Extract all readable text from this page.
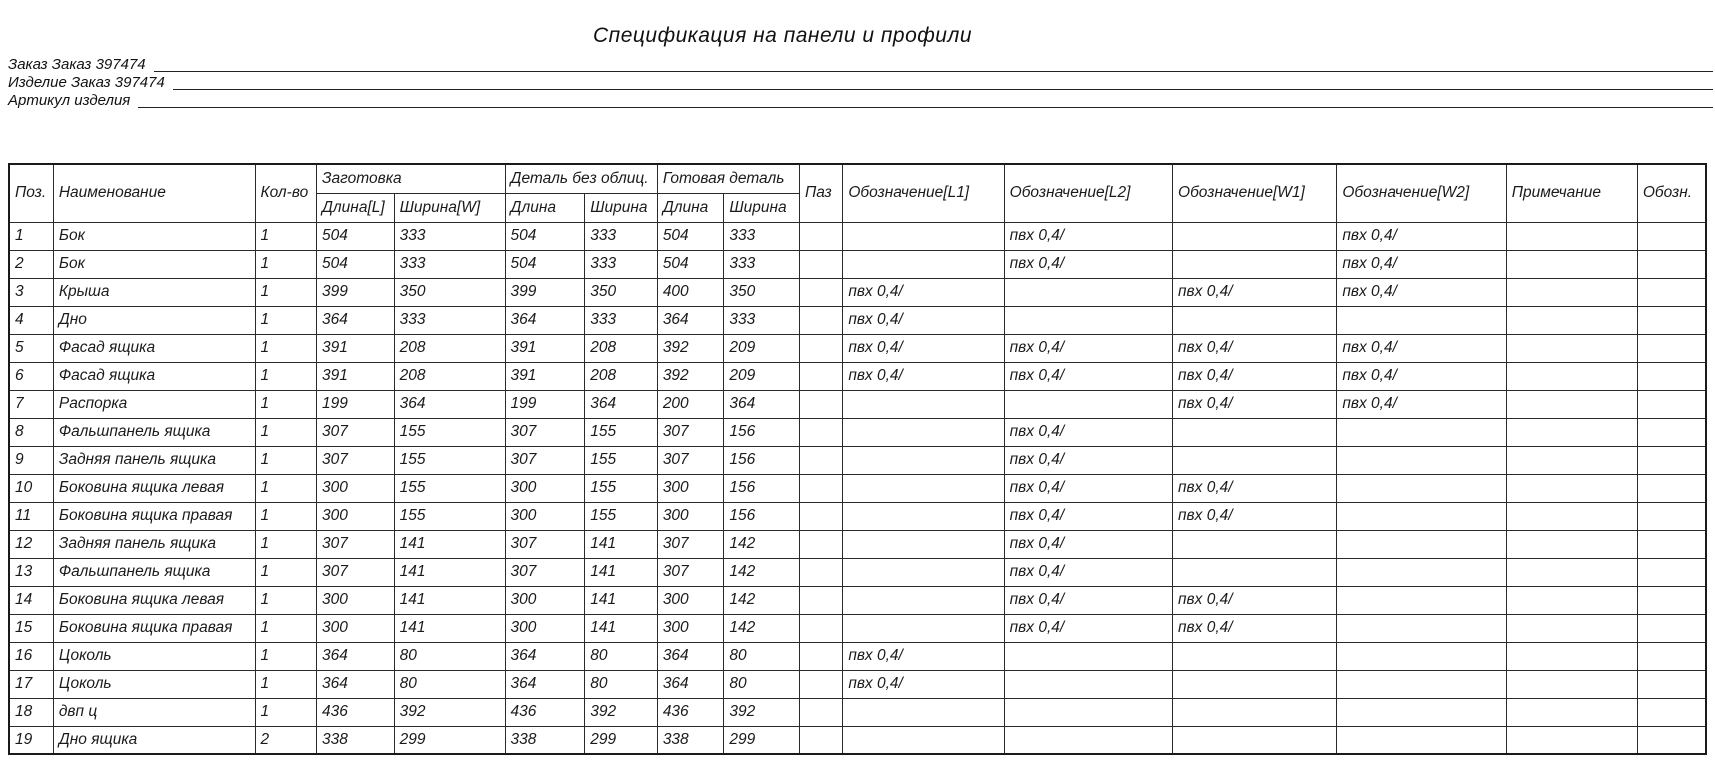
Спецификация на панели и профили
Заказ Заказ 397474
Изделие Заказ 397474
Артикул изделия
Поз.	Наименование	Кол-во	Заготовка		Деталь без облиц.		Готовая деталь		Паз	Обозначение[L1]	Обозначение[L2]	Обозначение[W1]	Обозначение[W2]	Примечание	Обозн.
			Длина[L]	Ширина[W]	Длина	Ширина	Длина	Ширина							
1	Бок	1	504	333	504	333	504	333			пвх 0,4/		пвх 0,4/		
2	Бок	1	504	333	504	333	504	333			пвх 0,4/		пвх 0,4/		
3	Крыша	1	399	350	399	350	400	350		пвх 0,4/		пвх 0,4/	пвх 0,4/		
4	Дно	1	364	333	364	333	364	333		пвх 0,4/					
5	Фасад ящика	1	391	208	391	208	392	209		пвх 0,4/	пвх 0,4/	пвх 0,4/	пвх 0,4/		
6	Фасад ящика	1	391	208	391	208	392	209		пвх 0,4/	пвх 0,4/	пвх 0,4/	пвх 0,4/		
7	Распорка	1	199	364	199	364	200	364				пвх 0,4/	пвх 0,4/		
8	Фальшпанель ящика	1	307	155	307	155	307	156			пвх 0,4/				
9	Задняя панель ящика	1	307	155	307	155	307	156			пвх 0,4/				
10	Боковина ящика левая	1	300	155	300	155	300	156			пвх 0,4/	пвх 0,4/			
11	Боковина ящика правая	1	300	155	300	155	300	156			пвх 0,4/	пвх 0,4/			
12	Задняя панель ящика	1	307	141	307	141	307	142			пвх 0,4/				
13	Фальшпанель ящика	1	307	141	307	141	307	142			пвх 0,4/				
14	Боковина ящика левая	1	300	141	300	141	300	142			пвх 0,4/	пвх 0,4/			
15	Боковина ящика правая	1	300	141	300	141	300	142			пвх 0,4/	пвх 0,4/			
16	Цоколь	1	364	80	364	80	364	80		пвх 0,4/					
17	Цоколь	1	364	80	364	80	364	80		пвх 0,4/					
18	двп ц	1	436	392	436	392	436	392							
19	Дно ящика	2	338	299	338	299	338	299							
